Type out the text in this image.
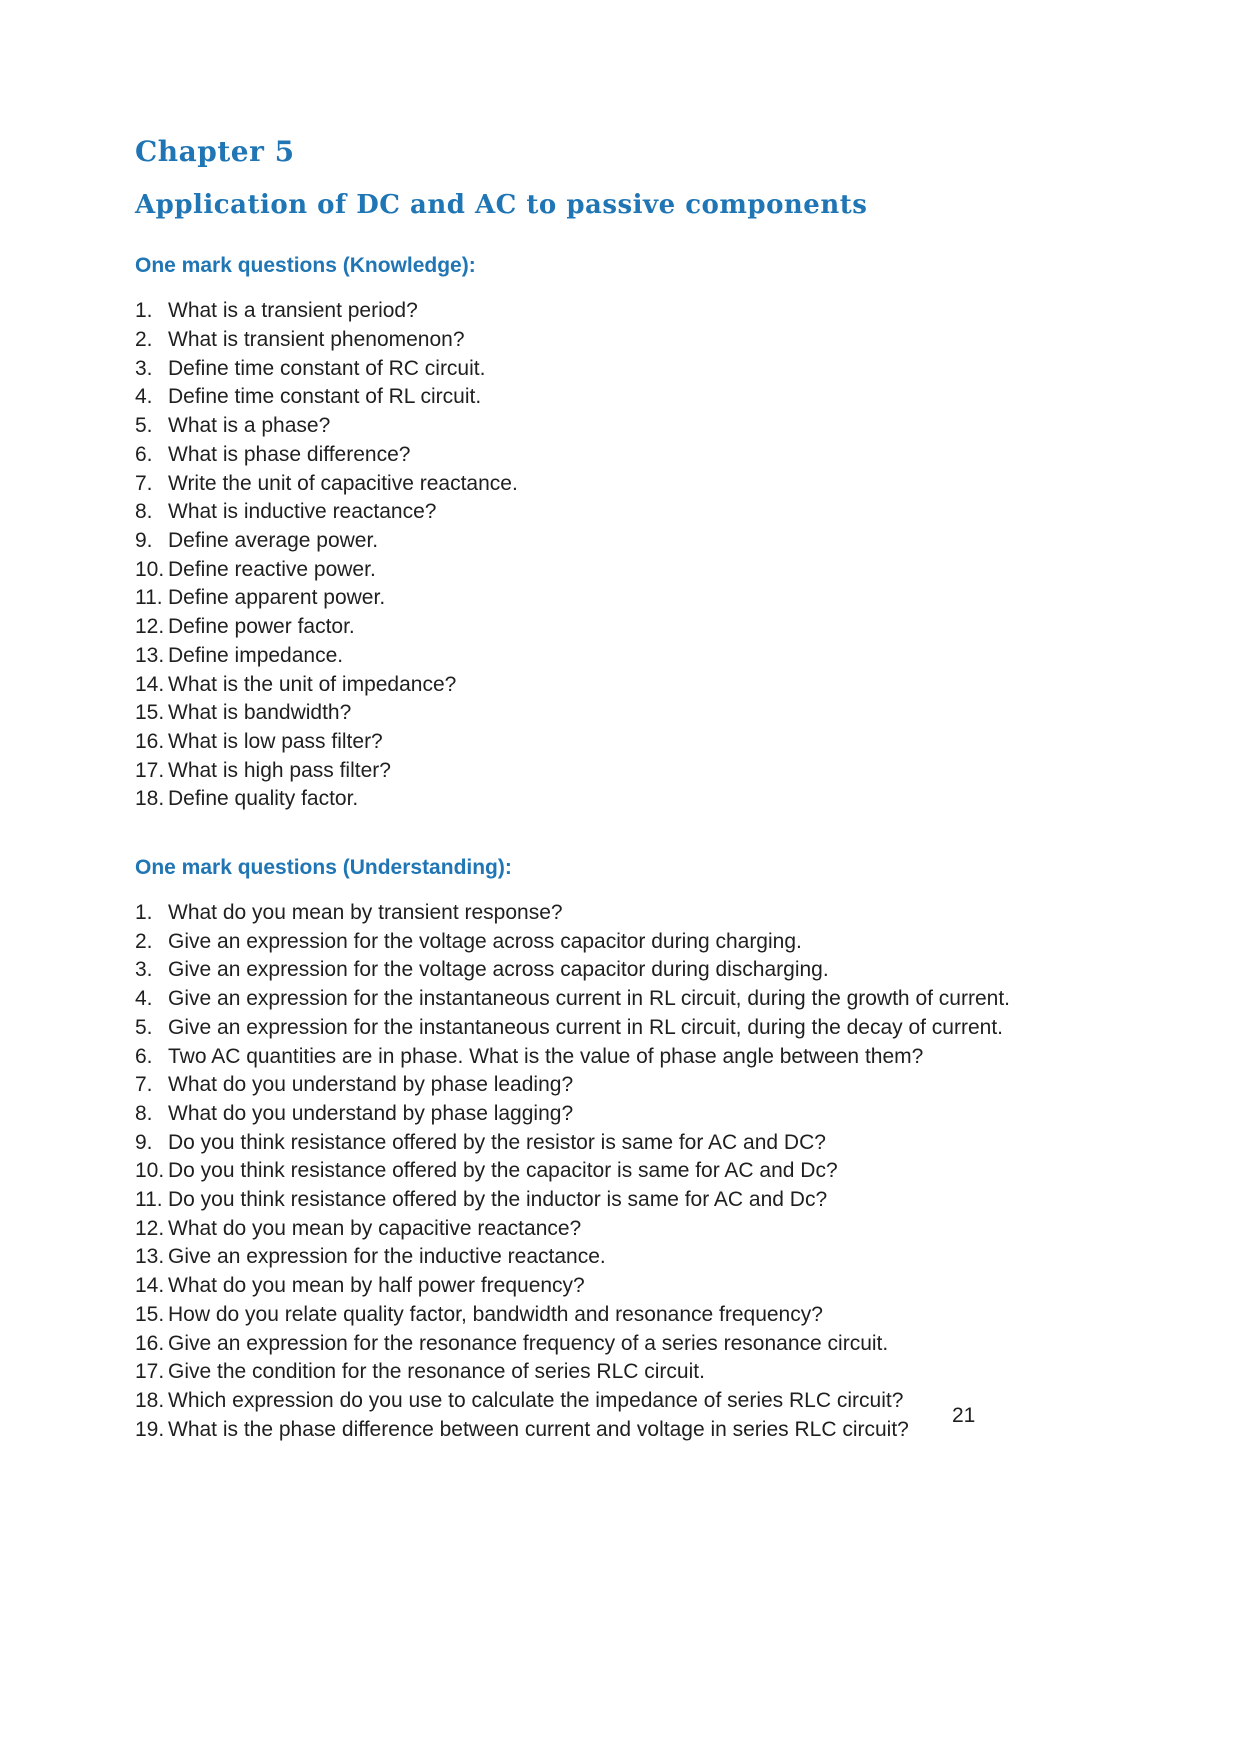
Chapter 5
Application of DC and AC to passive components
One mark questions (Knowledge):
1. What is a transient period?
2. What is transient phenomenon?
3. Define time constant of RC circuit.
4. Define time constant of RL circuit.
5. What is a phase?
6. What is phase difference?
7. Write the unit of capacitive reactance.
8. What is inductive reactance?
9. Define average power.
10. Define reactive power.
11. Define apparent power.
12. Define power factor.
13. Define impedance.
14. What is the unit of impedance?
15. What is bandwidth?
16. What is low pass filter?
17. What is high pass filter?
18. Define quality factor.
One mark questions (Understanding):
1. What do you mean by transient response?
2. Give an expression for the voltage across capacitor during charging.
3. Give an expression for the voltage across capacitor during discharging.
4. Give an expression for the instantaneous current in RL circuit, during the growth of current.
5. Give an expression for the instantaneous current in RL circuit, during the decay of current.
6. Two AC quantities are in phase. What is the value of phase angle between them?
7. What do you understand by phase leading?
8. What do you understand by phase lagging?
9. Do you think resistance offered by the resistor is same for AC and DC?
10. Do you think resistance offered by the capacitor is same for AC and Dc?
11. Do you think resistance offered by the inductor is same for AC and Dc?
12. What do you mean by capacitive reactance?
13. Give an expression for the inductive reactance.
14. What do you mean by half power frequency?
15. How do you relate quality factor, bandwidth and resonance frequency?
16. Give an expression for the resonance frequency of a series resonance circuit.
17. Give the condition for the resonance of series RLC circuit.
18. Which expression do you use to calculate the impedance of series RLC circuit?
19. What is the phase difference between current and voltage in series RLC circuit?
21
